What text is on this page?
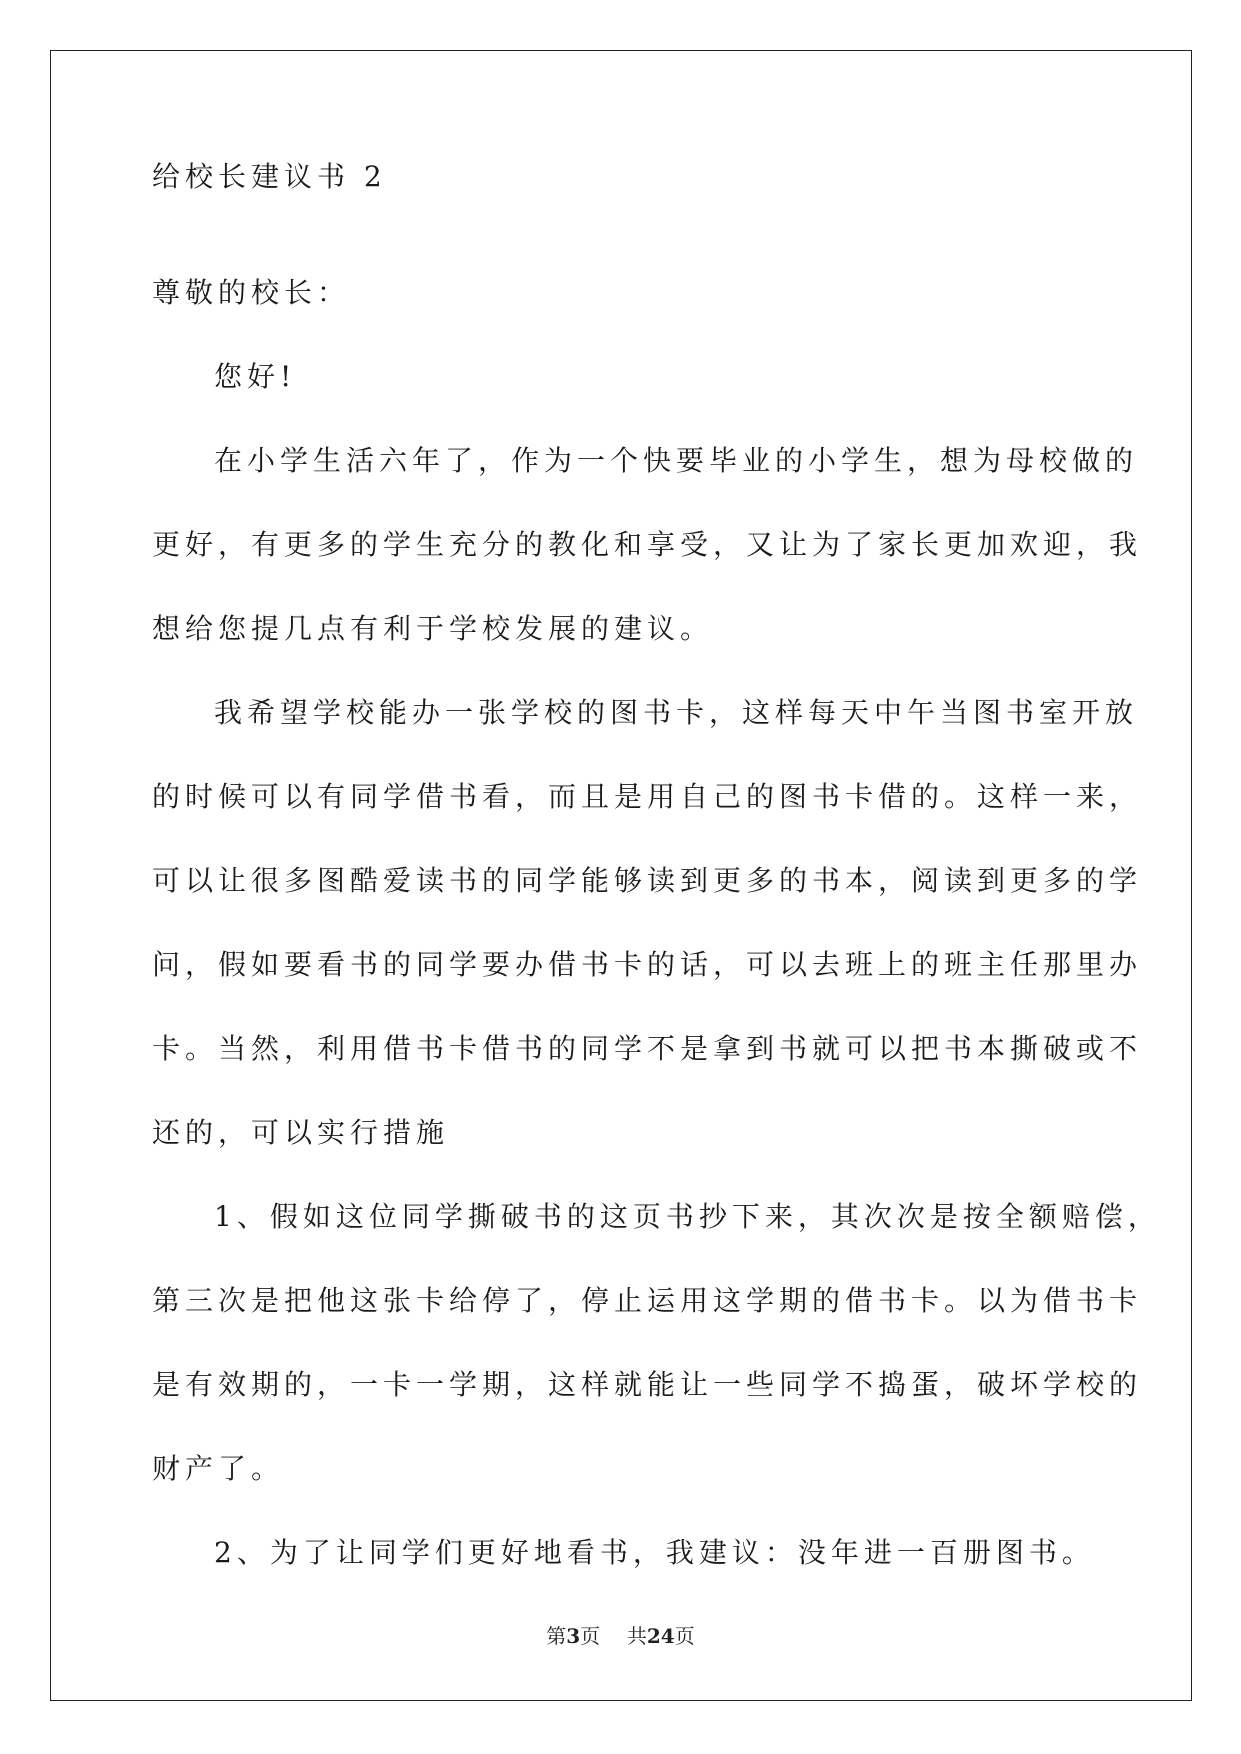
给校长建议书 2
尊敬的校长：
您好!
在小学生活六年了，作为一个快要毕业的小学生，想为母校做的
更好，有更多的学生充分的教化和享受，又让为了家长更加欢迎，我
想给您提几点有利于学校发展的建议。
我希望学校能办一张学校的图书卡，这样每天中午当图书室开放
的时候可以有同学借书看，而且是用自己的图书卡借的。这样一来，
可以让很多图酷爱读书的同学能够读到更多的书本，阅读到更多的学
问，假如要看书的同学要办借书卡的话，可以去班上的班主任那里办
卡。当然，利用借书卡借书的同学不是拿到书就可以把书本撕破或不
还的，可以实行措施
1、假如这位同学撕破书的这页书抄下来，其次次是按全额赔偿，
第三次是把他这张卡给停了，停止运用这学期的借书卡。以为借书卡
是有效期的，一卡一学期，这样就能让一些同学不捣蛋，破坏学校的
财产了。
2、为了让同学们更好地看书，我建议：没年进一百册图书。
第3页 共24页
